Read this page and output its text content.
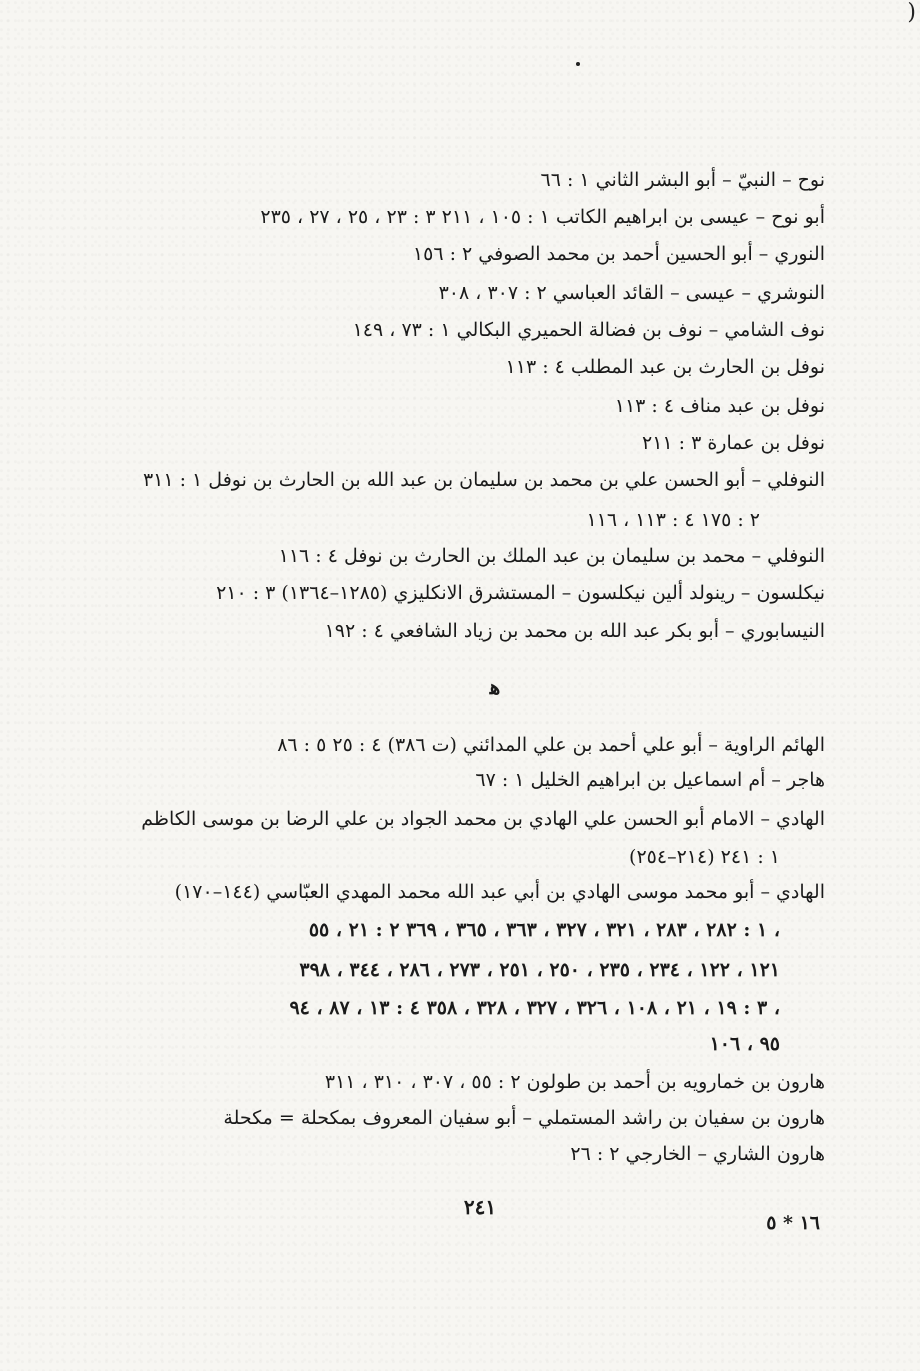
)
نوح – النبيّ – أبو البشر الثاني ١ : ٦٦
أبو نوح – عيسى بن ابراهيم الكاتب ١ : ١٠٥ ، ٢١١ ٣ : ٢٣ ، ٢٥ ، ٢٧ ، ٢٣٥
النوري – أبو الحسين أحمد بن محمد الصوفي ٢ : ١٥٦
النوشري – عيسى – القائد العباسي ٢ : ٣٠٧ ، ٣٠٨
نوف الشامي – نوف بن فضالة الحميري البكالي ١ : ٧٣ ، ١٤٩
نوفل بن الحارث بن عبد المطلب ٤ : ١١٣
نوفل بن عبد مناف ٤ : ١١٣
نوفل بن عمارة ٣ : ٢١١
النوفلي – أبو الحسن علي بن محمد بن سليمان بن عبد الله بن الحارث بن نوفل ١ : ٣١١
٢ : ١٧٥ ٤ : ١١٣ ، ١١٦
النوفلي – محمد بن سليمان بن عبد الملك بن الحارث بن نوفل ٤ : ١١٦
نيكلسون – رينولد ألين نيكلسون – المستشرق الانكليزي (١٢٨٥–١٣٦٤) ٣ : ٢١٠
النيسابوري – أبو بكر عبد الله بن محمد بن زياد الشافعي ٤ : ١٩٢
ﻫ
الهائم الراوية – أبو علي أحمد بن علي المدائني (ت ٣٨٦) ٤ : ٢٥ ٥ : ٨٦
هاجر – أم اسماعيل بن ابراهيم الخليل ١ : ٦٧
الهادي – الامام أبو الحسن علي الهادي بن محمد الجواد بن علي الرضا بن موسى الكاظم
(٢١٤–٢٥٤) ١ : ٢٤١
الهادي – أبو محمد موسى الهادي بن أبي عبد الله محمد المهدي العبّاسي (١٤٤–١٧٠)
١ : ٢٨٢ ، ٢٨٣ ، ٣٢١ ، ٣٢٧ ، ٣٦٣ ، ٣٦٥ ، ٣٦٩ ٢ : ٢١ ، ٥٥ ،
١٢١ ، ١٢٢ ، ٢٣٤ ، ٢٣٥ ، ٢٥٠ ، ٢٥١ ، ٢٧٣ ، ٢٨٦ ، ٣٤٤ ، ٣٩٨
٣ : ١٩ ، ٢١ ، ١٠٨ ، ٣٢٦ ، ٣٢٧ ، ٣٢٨ ، ٣٥٨ ٤ : ١٣ ، ٨٧ ، ٩٤ ،
٩٥ ، ١٠٦
هارون بن خمارويه بن أحمد بن طولون ٢ : ٥٥ ، ٣٠٧ ، ٣١٠ ، ٣١١
هارون بن سفيان بن راشد المستملي – أبو سفيان المعروف بمكحلة = مكحلة
هارون الشاري – الخارجي ٢ : ٢٦
٢٤١
١٦ * ٥
